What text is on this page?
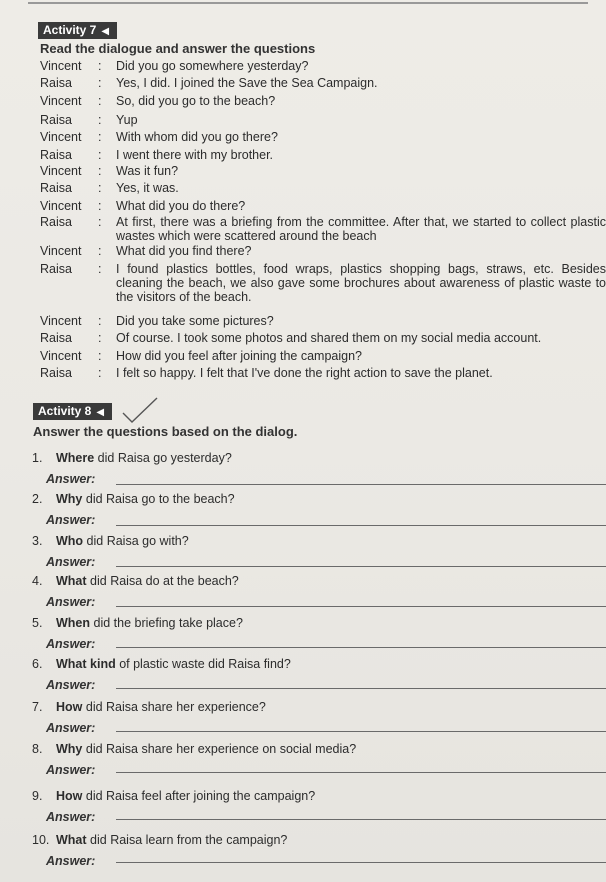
Activity 7 ◀
Read the dialogue and answer the questions
Vincent	: Did you go somewhere yesterday?
Raisa	: Yes, I did. I joined the Save the Sea Campaign.
Vincent	: So, did you go to the beach?
Raisa	: Yup
Vincent	: With whom did you go there?
Raisa	: I went there with my brother.
Vincent	: Was it fun?
Raisa	: Yes, it was.
Vincent	: What did you do there?
Raisa	: At first, there was a briefing from the committee. After that, we started to collect plastic wastes which were scattered around the beach
Vincent	: What did you find there?
Raisa	: I found plastics bottles, food wraps, plastics shopping bags, straws, etc. Besides cleaning the beach, we also gave some brochures about awareness of plastic waste to the visitors of the beach.
Vincent	: Did you take some pictures?
Raisa	: Of course. I took some photos and shared them on my social media account.
Vincent	: How did you feel after joining the campaign?
Raisa	: I felt so happy. I felt that I've done the right action to save the planet.
Activity 8 ◀
Answer the questions based on the dialog.
1. Where did Raisa go yesterday?
Answer:
2. Why did Raisa go to the beach?
Answer:
3. Who did Raisa go with?
Answer:
4. What did Raisa do at the beach?
Answer:
5. When did the briefing take place?
Answer:
6. What kind of plastic waste did Raisa find?
Answer:
7. How did Raisa share her experience?
Answer:
8. Why did Raisa share her experience on social media?
Answer:
9. How did Raisa feel after joining the campaign?
Answer:
10. What did Raisa learn from the campaign?
Answer:
